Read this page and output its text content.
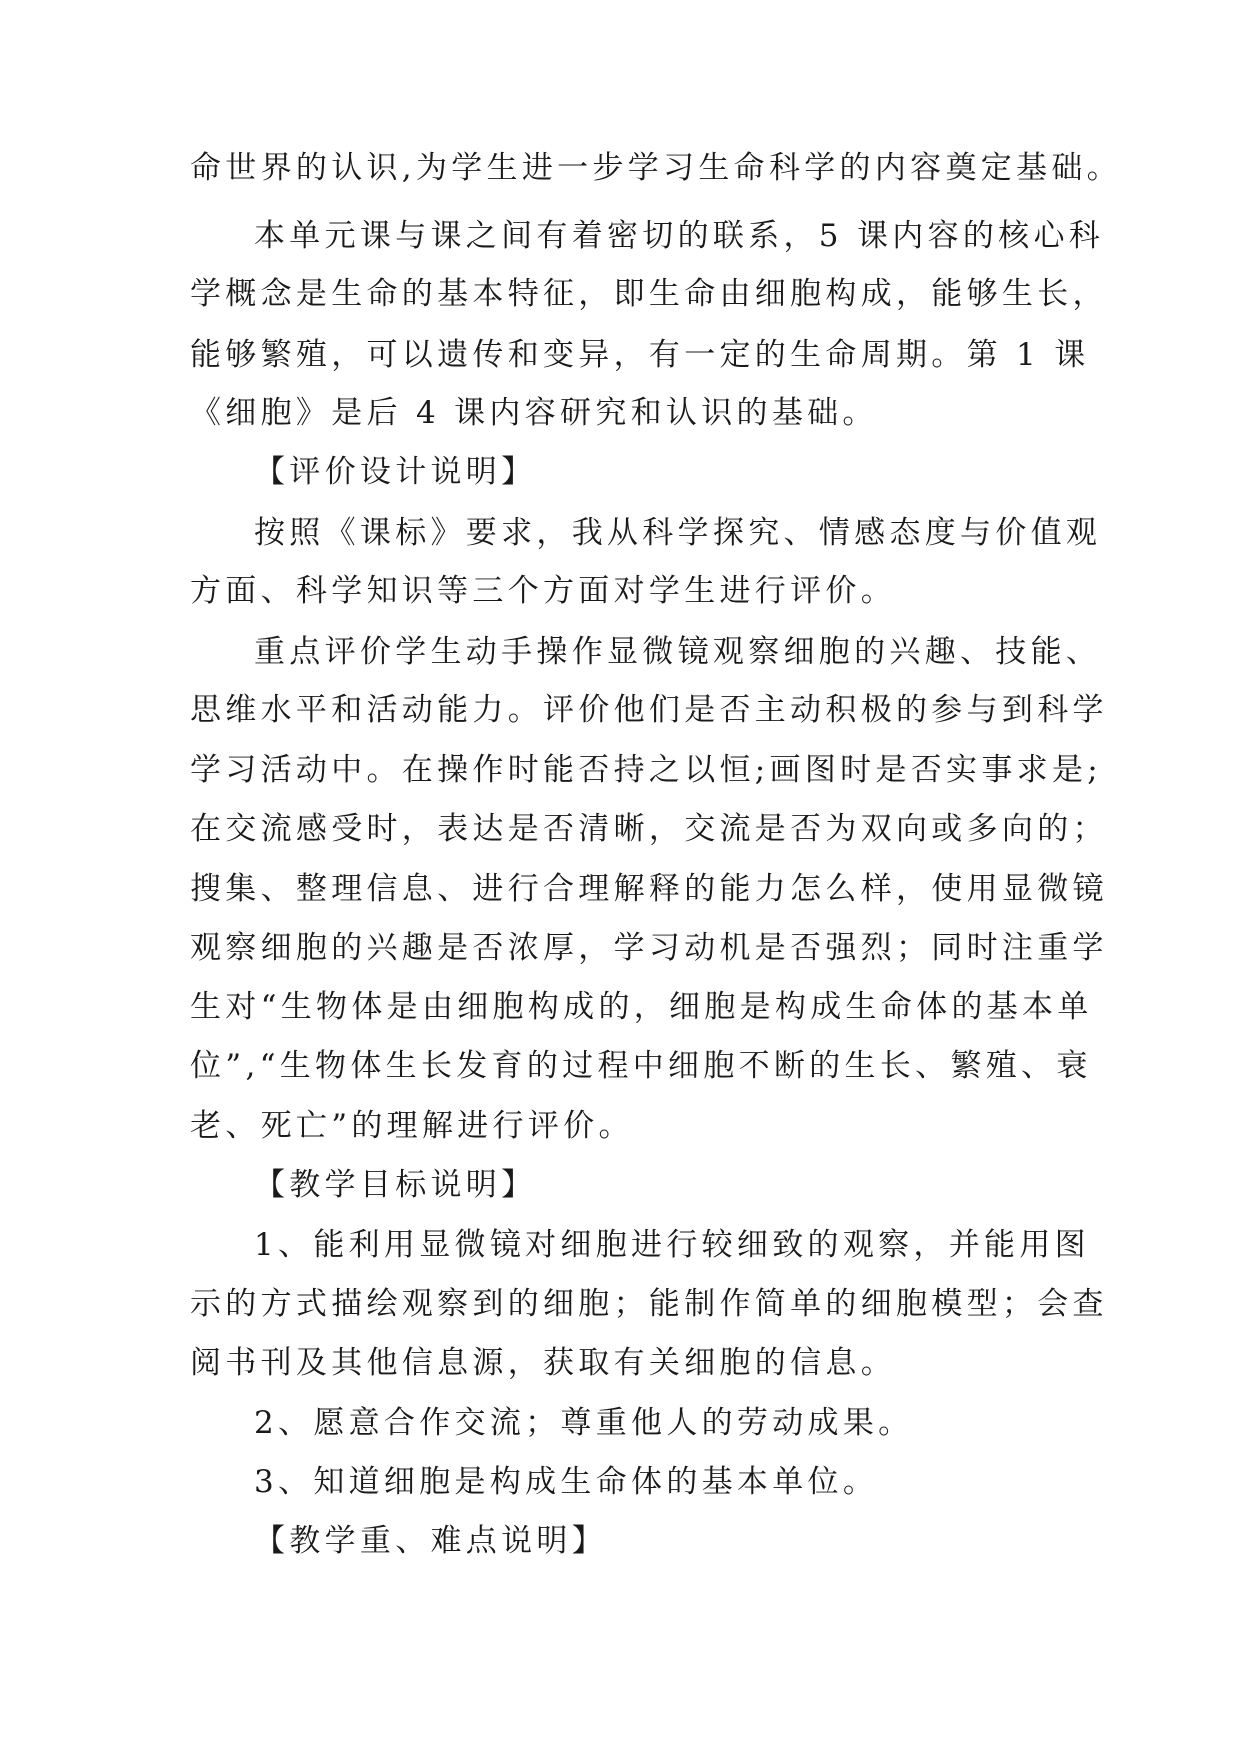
命世界的认识,为学生进一步学习生命科学的内容奠定基础。
本单元课与课之间有着密切的联系，5 课内容的核心科
学概念是生命的基本特征，即生命由细胞构成，能够生长，
能够繁殖，可以遗传和变异，有一定的生命周期。第 1 课
《细胞》是后 4 课内容研究和认识的基础。
【评价设计说明】
按照《课标》要求，我从科学探究、情感态度与价值观
方面、科学知识等三个方面对学生进行评价。
重点评价学生动手操作显微镜观察细胞的兴趣、技能、
思维水平和活动能力。评价他们是否主动积极的参与到科学
学习活动中。在操作时能否持之以恒;画图时是否实事求是;
在交流感受时，表达是否清晰，交流是否为双向或多向的；
搜集、整理信息、进行合理解释的能力怎么样，使用显微镜
观察细胞的兴趣是否浓厚，学习动机是否强烈；同时注重学
生对“生物体是由细胞构成的，细胞是构成生命体的基本单
位”,“生物体生长发育的过程中细胞不断的生长、繁殖、衰
老、死亡”的理解进行评价。
【教学目标说明】
1、能利用显微镜对细胞进行较细致的观察，并能用图
示的方式描绘观察到的细胞；能制作简单的细胞模型；会查
阅书刊及其他信息源，获取有关细胞的信息。
2、愿意合作交流；尊重他人的劳动成果。
3、知道细胞是构成生命体的基本单位。
【教学重、难点说明】
